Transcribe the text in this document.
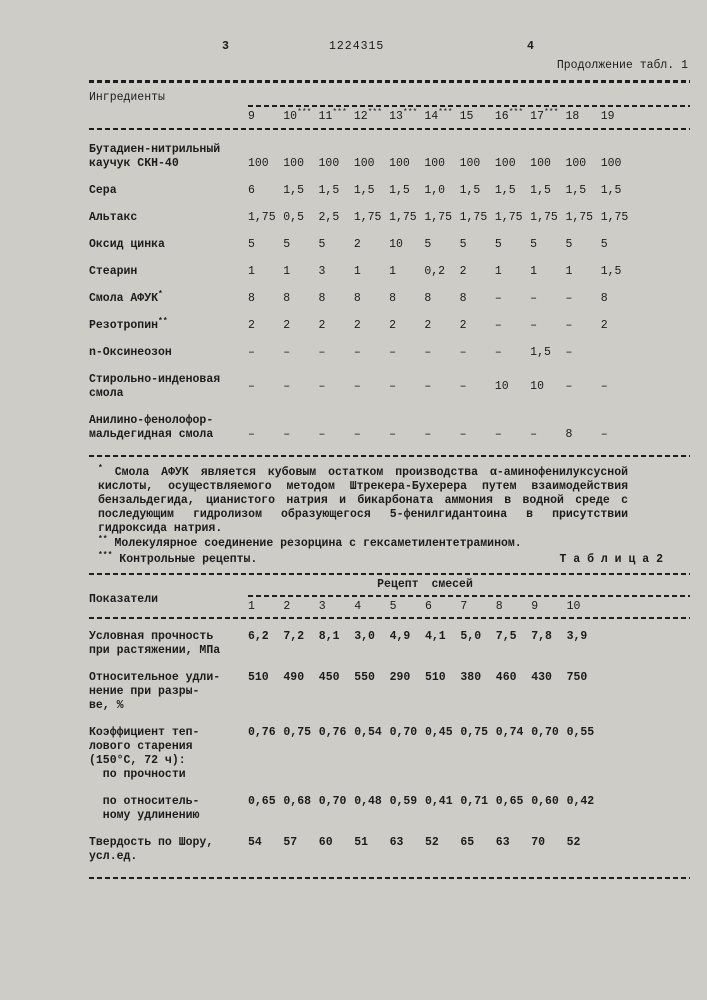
3	1224315	4
Продолжение табл. 1
Ингредиенты
9	10*** 11*** 12*** 13*** 14*** 15	16*** 17*** 18	19
Бутадиен-нитрильный
каучук СКН-40	100	100	100	100	100	100	100	100	100	100	100
Сера	6	1,5	1,5	1,5	1,5	1,0	1,5	1,5	1,5	1,5	1,5
Альтакс	1,75 0,5	2,5	1,75 1,75 1,75 1,75 1,75 1,75 1,75 1,75
Оксид цинка	5	5	5	2	10	5	5	5	5	5	5
Стеарин	1	1	3	1	1	0,2	2	1	1	1	1,5
Смола АФУК*	8	8	8	8	8	8	8	–	–	–	8
Резотропин**	2	2	2	2	2	2	2	–	–	–	2
n-Оксинеозон	–	–	–	–	–	–	–	–	1,5	–
Стирольно-инденовая
смола
–	–	–	–	–	–	–	10	10	–	–
Анилино-фенолофор-
мальдегидная смола	–	–	–	–	–	–	–	–	–	8	–

* Смола АФУК является кубовым остатком производства α-аминофенилуксусной кислоты, осуществляемого методом Штрекера-Бухерера путем взаимодействия бензальдегида, цианистого натрия и бикарбоната аммония в водной среде с последующим гидролизом образующегося 5-фенилгидантоина в присутствии гидроксида натрия.

** Молекулярное соединение резорцина с гексаметилентетрамином.

*** Контрольные рецепты.	Т а б л и ц а 2
Показатели
Рецепт смесей
1	2	3	4	5	6	7	8	9	10
Условная прочность
при растяжении, МПа
6,2	7,2	8,1	3,0	4,9	4,1	5,0	7,5	7,8	3,9
Относительное удли-
нение при разры-
ве, %
510	490	450	550	290	510	380	460	430	750
Коэффициент теп-
лового старения
(150°С, 72 ч):
по прочности
0,76 0,75 0,76 0,54 0,70 0,45 0,75 0,74 0,70 0,55
по относитель-
ному удлинению
0,65 0,68 0,70 0,48 0,59 0,41 0,71 0,65 0,60 0,42
Твердость по Шору,
усл.ед.
54	57	60	51	63	52	65	63	70	52
